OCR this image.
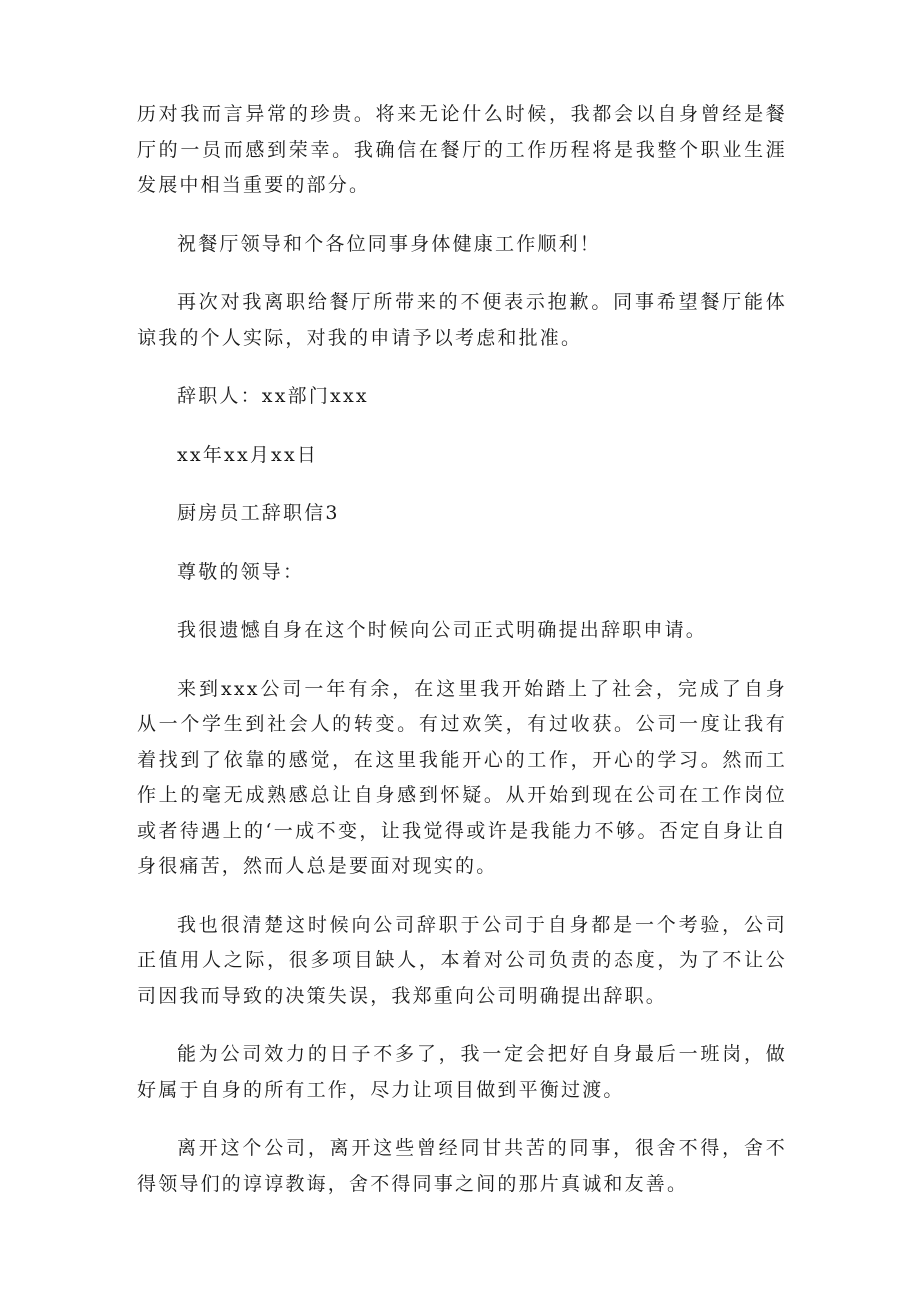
历对我而言异常的珍贵。将来无论什么时候，我都会以自身曾经是餐厅的一员而感到荣幸。我确信在餐厅的工作历程将是我整个职业生涯发展中相当重要的部分。

祝餐厅领导和个各位同事身体健康工作顺利！

再次对我离职给餐厅所带来的不便表示抱歉。同事希望餐厅能体谅我的个人实际，对我的申请予以考虑和批准。

辞职人：xx部门xxx

xx年xx月xx日

厨房员工辞职信3

尊敬的领导：

我很遗憾自身在这个时候向公司正式明确提出辞职申请。

来到xxx公司一年有余，在这里我开始踏上了社会，完成了自身从一个学生到社会人的转变。有过欢笑，有过收获。公司一度让我有着找到了依靠的感觉，在这里我能开心的工作，开心的学习。然而工作上的毫无成熟感总让自身感到怀疑。从开始到现在公司在工作岗位或者待遇上的‘一成不变，让我觉得或许是我能力不够。否定自身让自身很痛苦，然而人总是要面对现实的。

我也很清楚这时候向公司辞职于公司于自身都是一个考验，公司正值用人之际，很多项目缺人，本着对公司负责的态度，为了不让公司因我而导致的决策失误，我郑重向公司明确提出辞职。

能为公司效力的日子不多了，我一定会把好自身最后一班岗，做好属于自身的所有工作，尽力让项目做到平衡过渡。

离开这个公司，离开这些曾经同甘共苦的同事，很舍不得，舍不得领导们的谆谆教诲，舍不得同事之间的那片真诚和友善。
